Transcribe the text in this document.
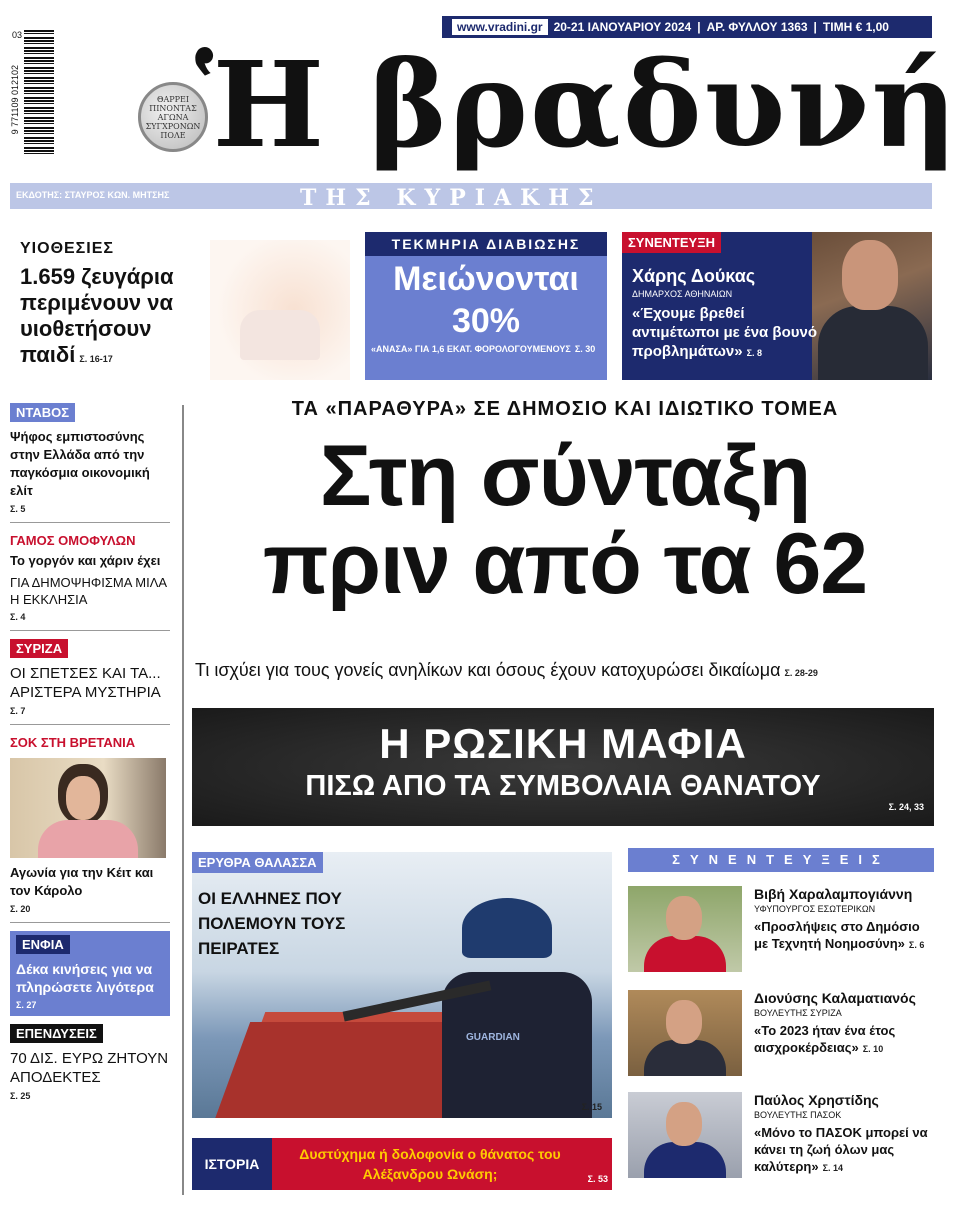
www.vradini.gr 20-21 ΙΑΝΟΥΑΡΙΟΥ 2024 | ΑΡ. ΦΥΛΛΟΥ 1363 | ΤΙΜΗ € 1,00
03
9 771109 012102	ΘΑΡΡΕΙ ΠΙΝΟΝΤΑΣ ΑΓΩΝΑ ΣΥΓΧΡΟΝΩΝ ΠΟΛΕ Ἡ βραδυνή
ΕΚΔΟΤΗΣ: ΣΤΑΥΡΟΣ ΚΩΝ. ΜΗΤΣΗΣ	ΤΗΣ ΚΥΡΙΑΚΗΣ
ΥΙΟΘΕΣΙΕΣ
1.659 ζευγάρια περιμένουν να υιοθετήσουν παιδί Σ. 16-17
ΤΕΚΜΗΡΙΑ ΔΙΑΒΙΩΣΗΣ
Μειώνονται
30%
«ΑΝΑΣΑ» ΓΙΑ 1,6 ΕΚΑΤ. ΦΟΡΟΛΟΓΟΥΜΕΝΟΥΣ Σ. 30
ΣΥΝΕΝΤΕΥΞΗ
Χάρης Δούκας
ΔΗΜΑΡΧΟΣ ΑΘΗΝΑΙΩΝ
«Έχουμε βρεθεί αντιμέτωποι με ένα βουνό προβλημάτων» Σ. 8
ΝΤΑΒΟΣ
Ψήφος εμπιστοσύνης στην Ελλάδα από την παγκόσμια οικονομική ελίτ
Σ. 5
ΓΑΜΟΣ ΟΜΟΦΥΛΩΝ
Το γοργόν και χάριν έχει
ΓΙΑ ΔΗΜΟΨΗΦΙΣΜΑ ΜΙΛΑ Η ΕΚΚΛΗΣΙΑ
Σ. 4
ΣΥΡΙΖΑ
ΟΙ ΣΠΕΤΣΕΣ ΚΑΙ ΤΑ... ΑΡΙΣΤΕΡΑ ΜΥΣΤΗΡΙΑ
Σ. 7
ΣΟΚ ΣΤΗ ΒΡΕΤΑΝΙΑ
Αγωνία για την Κέιτ και τον Κάρολο
Σ. 20
ΕΝΦΙΑ
Δέκα κινήσεις για να πληρώσετε λιγότερα
Σ. 27
ΕΠΕΝΔΥΣΕΙΣ
70 ΔΙΣ. ΕΥΡΩ ΖΗΤΟΥΝ ΑΠΟΔΕΚΤΕΣ
Σ. 25
ΤΑ «ΠΑΡΑΘΥΡΑ» ΣΕ ΔΗΜΟΣΙΟ ΚΑΙ ΙΔΙΩΤΙΚΟ ΤΟΜΕΑ
Στη σύνταξη
πριν από τα 62
Τι ισχύει για τους γονείς ανηλίκων και όσους έχουν κατοχυρώσει δικαίωμα Σ. 28-29
Η ΡΩΣΙΚΗ ΜΑΦΙΑ
ΠΙΣΩ ΑΠΟ ΤΑ ΣΥΜΒΟΛΑΙΑ ΘΑΝΑΤΟΥ
Σ. 24, 33
GUARDIAN
ΕΡΥΘΡΑ ΘΑΛΑΣΣΑ
ΟΙ ΕΛΛΗΝΕΣ ΠΟΥ ΠΟΛΕΜΟΥΝ ΤΟΥΣ ΠΕΙΡΑΤΕΣ
Σ. 15
ΙΣΤΟΡΙΑ
Δυστύχημα ή δολοφονία ο θάνατος του Αλέξανδρου Ωνάση;	Σ. 53
ΣΥΝΕΝΤΕΥΞΕΙΣ
Βιβή Χαραλαμπογιάννη
ΥΦΥΠΟΥΡΓΟΣ ΕΣΩΤΕΡΙΚΩΝ
«Προσλήψεις στο Δημόσιο με Τεχνητή Νοημοσύνη» Σ. 6
Διονύσης Καλαματιανός
ΒΟΥΛΕΥΤΗΣ ΣΥΡΙΖΑ
«Το 2023 ήταν ένα έτος αισχροκέρδειας» Σ. 10
Παύλος Χρηστίδης
ΒΟΥΛΕΥΤΗΣ ΠΑΣΟΚ
«Μόνο το ΠΑΣΟΚ μπορεί να κάνει τη ζωή όλων μας καλύτερη» Σ. 14
